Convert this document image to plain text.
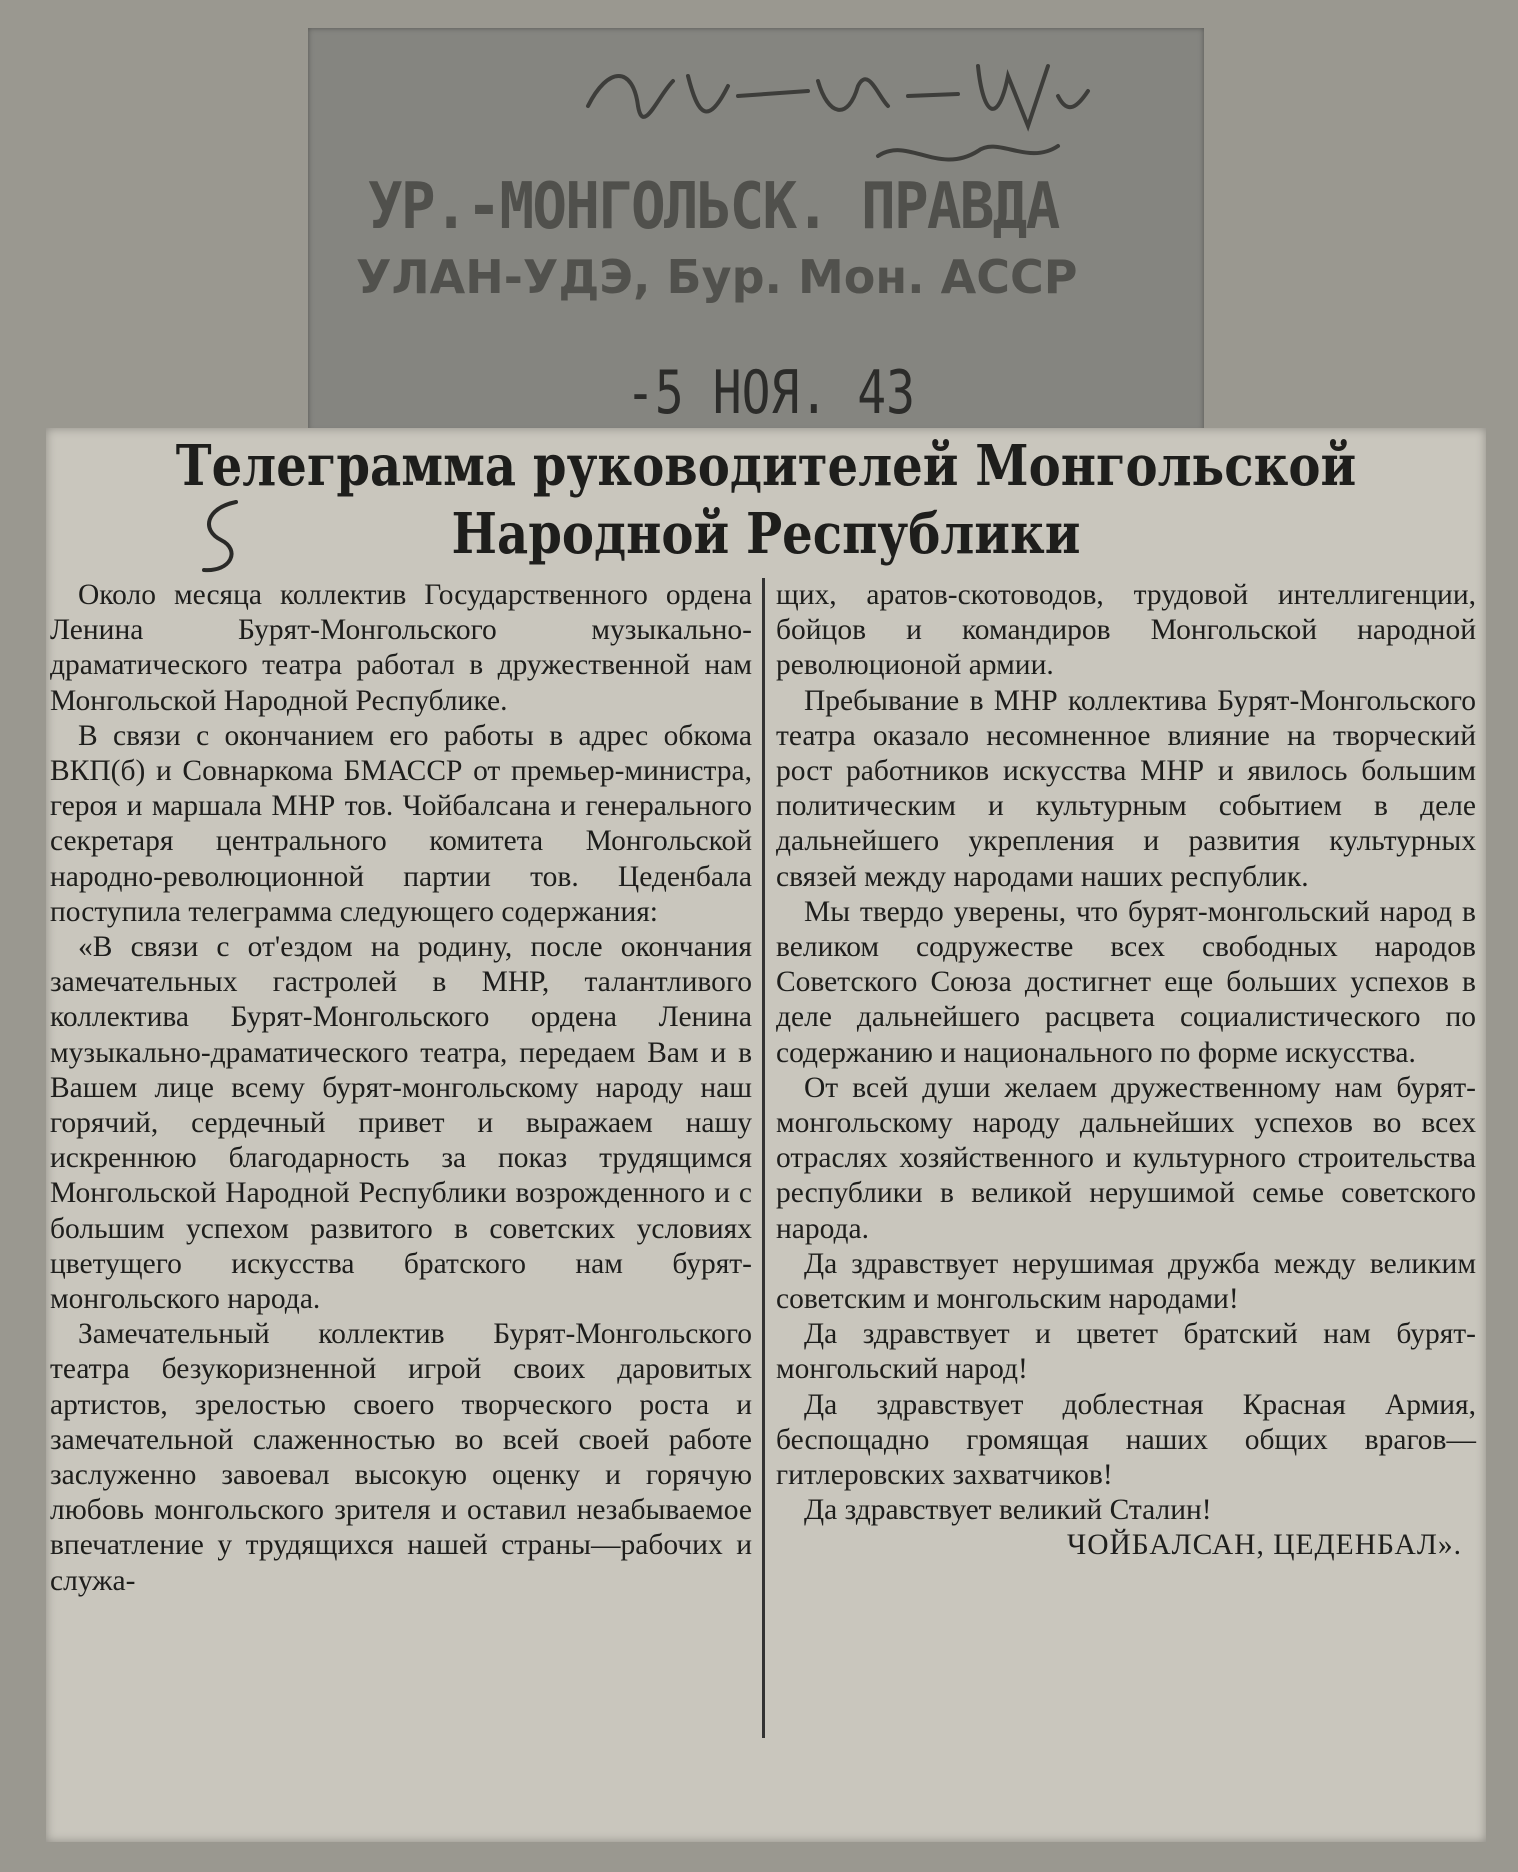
УР.-МОНГОЛЬСК. ПРАВДА
УЛАН-УДЭ, Бур. Мон. АССР
-5 НОЯ. 43
Телеграмма руководителей Монгольской
Народной Республики

Около месяца коллектив Государственного ордена Ленина Бурят-Монгольского музыкально-драматического театра работал в дружественной нам Монгольской Народной Республике.

В связи с окончанием его работы в адрес обкома ВКП(б) и Совнаркома БМАССР от премьер-министра, героя и маршала МНР тов. Чойбалсана и генерального секретаря центрального комитета Монгольской народно-революционной партии тов. Цеденбала поступила телеграмма следующего содержания:

«В связи с от'ездом на родину, после окончания замечательных гастролей в МНР, талантливого коллектива Бурят-Монгольского ордена Ленина музыкально-драматического театра, передаем Вам и в Вашем лице всему бурят-монгольскому народу наш горячий, сердечный привет и выражаем нашу искреннюю благодарность за показ трудящимся Монгольской Народной Республики возрожденного и с большим успехом развитого в советских условиях цветущего искусства братского нам бурят-монгольского народа.

Замечательный коллектив Бурят-Монгольского театра безукоризненной игрой своих даровитых артистов, зрелостью своего творческого роста и замечательной слаженностью во всей своей работе заслуженно завоевал высокую оценку и горячую любовь монгольского зрителя и оставил незабываемое впечатление у трудящихся нашей страны—рабочих и служа-

щих, аратов-скотоводов, трудовой интеллигенции, бойцов и командиров Монгольской народной революционой армии.

Пребывание в МНР коллектива Бурят-Монгольского театра оказало несомненное влияние на творческий рост работников искусства МНР и явилось большим политическим и культурным событием в деле дальнейшего укрепления и развития культурных связей между народами наших республик.

Мы твердо уверены, что бурят-монгольский народ в великом содружестве всех свободных народов Советского Союза достигнет еще больших успехов в деле дальнейшего расцвета социалистического по содержанию и национального по форме искусства.

От всей души желаем дружественному нам бурят-монгольскому народу дальнейших успехов во всех отраслях хозяйственного и культурного строительства республики в великой нерушимой семье советского народа.

Да здравствует нерушимая дружба между великим советским и монгольским народами!

Да здравствует и цветет братский нам бурят-монгольский народ!

Да здравствует доблестная Красная Армия, беспощадно громящая наших общих врагов—гитлеровских захватчиков!

Да здравствует великий Сталин!

ЧОЙБАЛСАН, ЦЕДЕНБАЛ».
